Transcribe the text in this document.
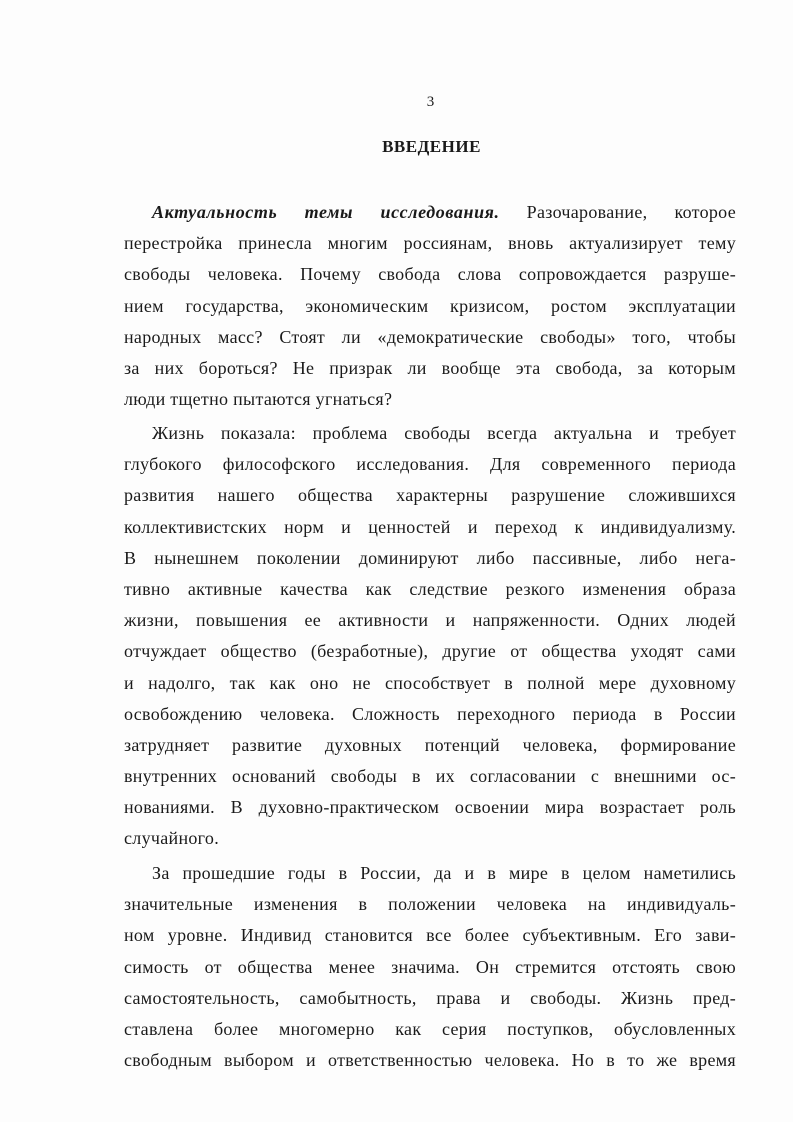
3
ВВЕДЕНИЕ
Актуальность темы исследования. Разочарование, которое
перестройка принесла многим россиянам, вновь актуализирует тему
свободы человека. Почему свобода слова сопровождается разруше-
нием государства, экономическим кризисом, ростом эксплуатации
народных масс? Стоят ли «демократические свободы» того, чтобы
за них бороться? Не призрак ли вообще эта свобода, за которым
люди тщетно пытаются угнаться?
Жизнь показала: проблема свободы всегда актуальна и требует
глубокого философского исследования. Для современного периода
развития нашего общества характерны разрушение сложившихся
коллективистских норм и ценностей и переход к индивидуализму.
В нынешнем поколении доминируют либо пассивные, либо нега-
тивно активные качества как следствие резкого изменения образа
жизни, повышения ее активности и напряженности. Одних людей
отчуждает общество (безработные), другие от общества уходят сами
и надолго, так как оно не способствует в полной мере духовному
освобождению человека. Сложность переходного периода в России
затрудняет развитие духовных потенций человека, формирование
внутренних оснований свободы в их согласовании с внешними ос-
нованиями. В духовно-практическом освоении мира возрастает роль
случайного.
За прошедшие годы в России, да и в мире в целом наметились
значительные изменения в положении человека на индивидуаль-
ном уровне. Индивид становится все более субъективным. Его зави-
симость от общества менее значима. Он стремится отстоять свою
самостоятельность, самобытность, права и свободы. Жизнь пред-
ставлена более многомерно как серия поступков, обусловленных
свободным выбором и ответственностью человека. Но в то же время
